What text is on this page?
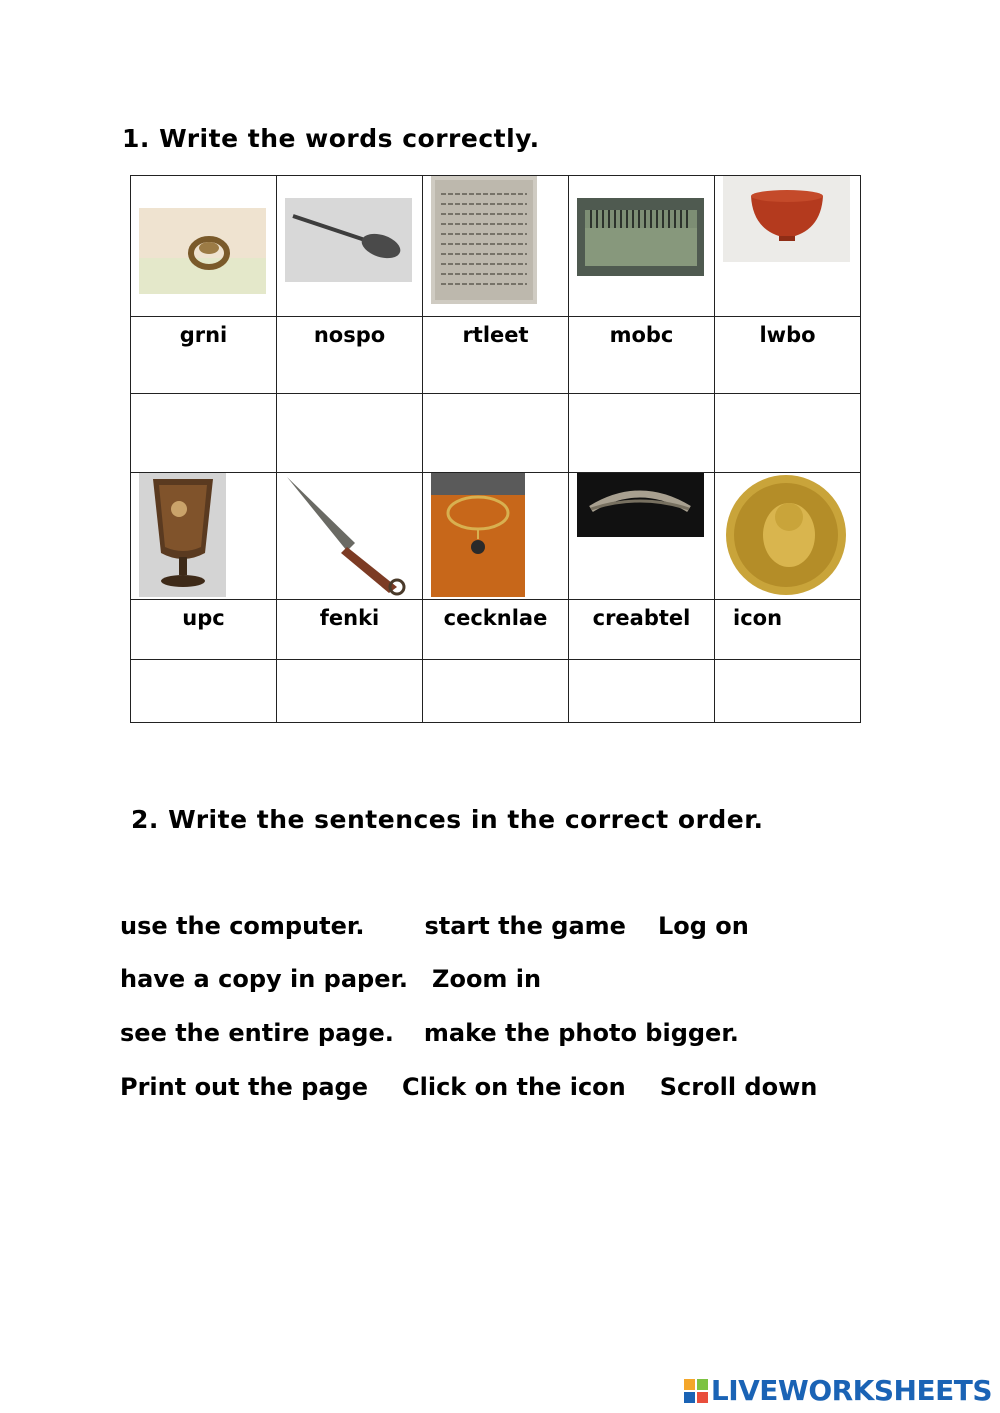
1. Write the words correctly.

grni	nospo	rtleet	mobc	lwbo

upc	fenki	cecknlae	creabtel	icon

2. Write the sentences in the correct order.
use the computer.	start the game Log on
have a copy in paper. Zoom in
see the entire page. make the photo bigger.
Print out the page Click on the icon Scroll down
LIVEWORKSHEETS
